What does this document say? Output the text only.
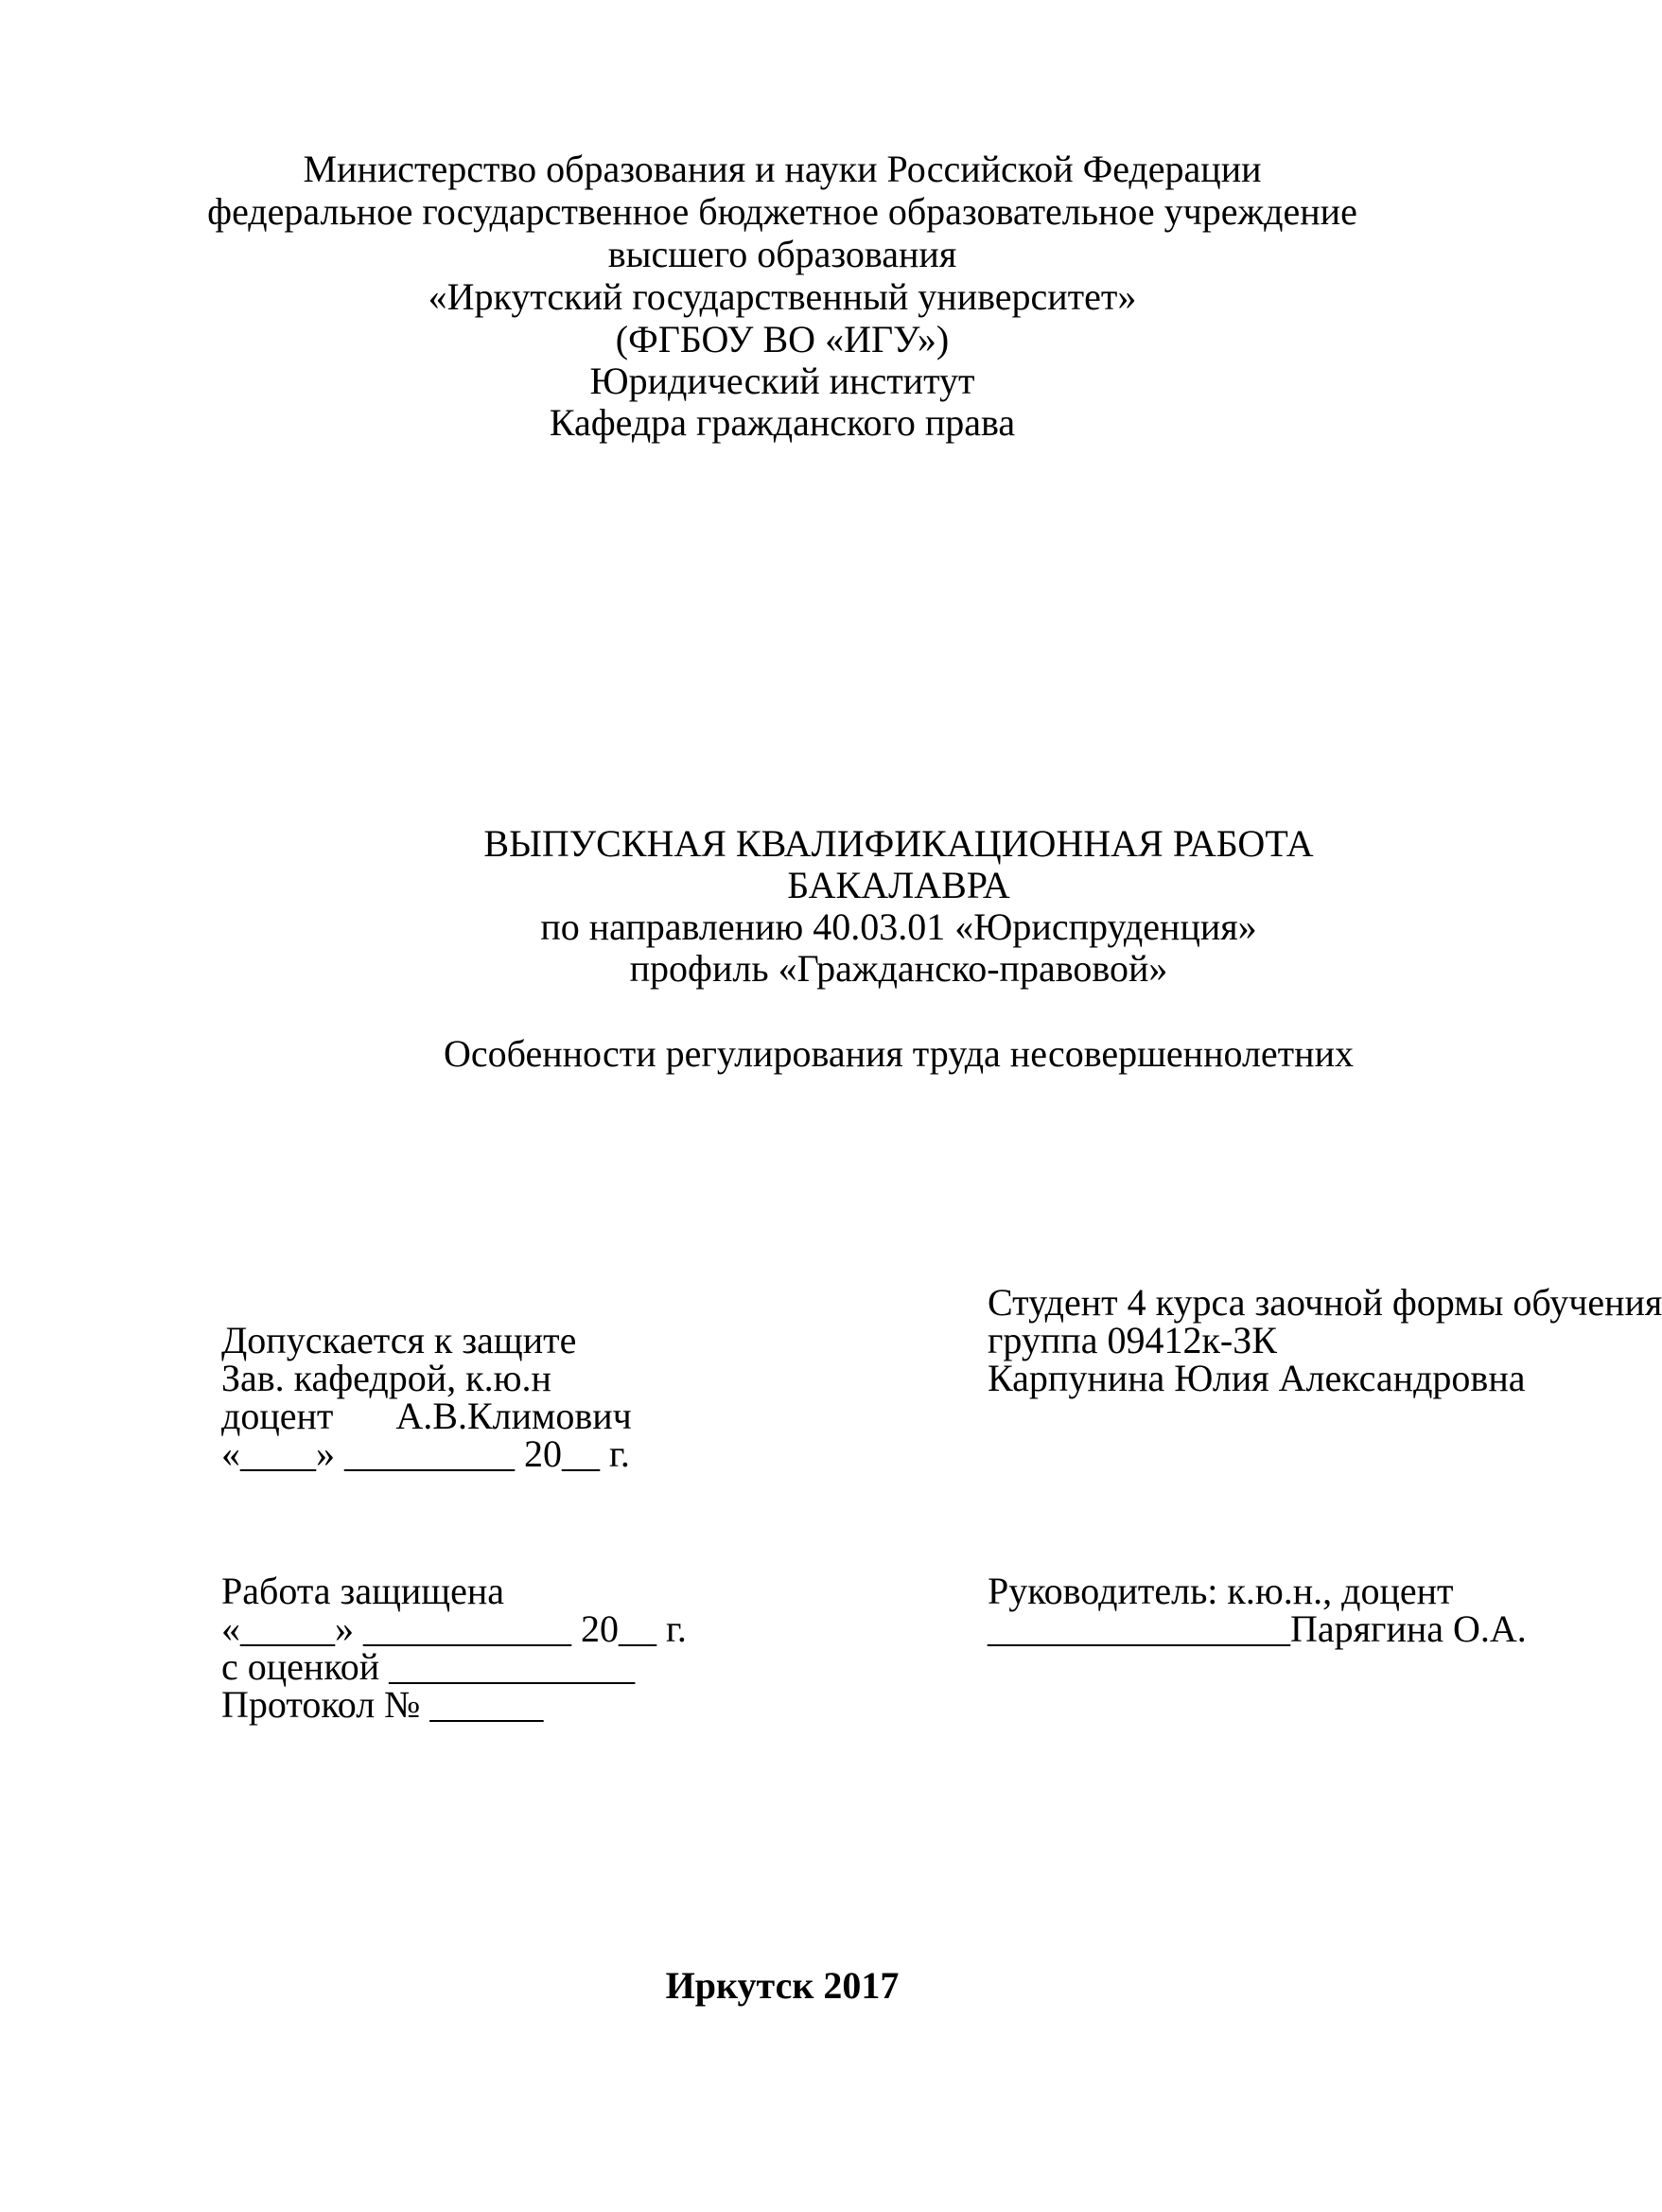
Министерство образования и науки Российской Федерации
федеральное государственное бюджетное образовательное учреждение
высшего образования
«Иркутский государственный университет»
(ФГБОУ ВО «ИГУ»)
Юридический институт
Кафедра гражданского права
ВЫПУСКНАЯ КВАЛИФИКАЦИОННАЯ РАБОТА
БАКАЛАВРА
по направлению 40.03.01 «Юриспруденция»
профиль «Гражданско-правовой»
Особенности регулирования труда несовершеннолетних
Студент 4 курса заочной формы обучения
группа 09412к-ЗК
Карпунина Юлия Александровна
Допускается к защите
Зав. кафедрой, к.ю.н
доцент А.В.Климович
«____» _________ 20__ г.
Работа защищена
«_____» ___________ 20__ г.
с оценкой _____________
Протокол № ______
Руководитель: к.ю.н., доцент
________________Парягина О.А.
Иркутск 2017
